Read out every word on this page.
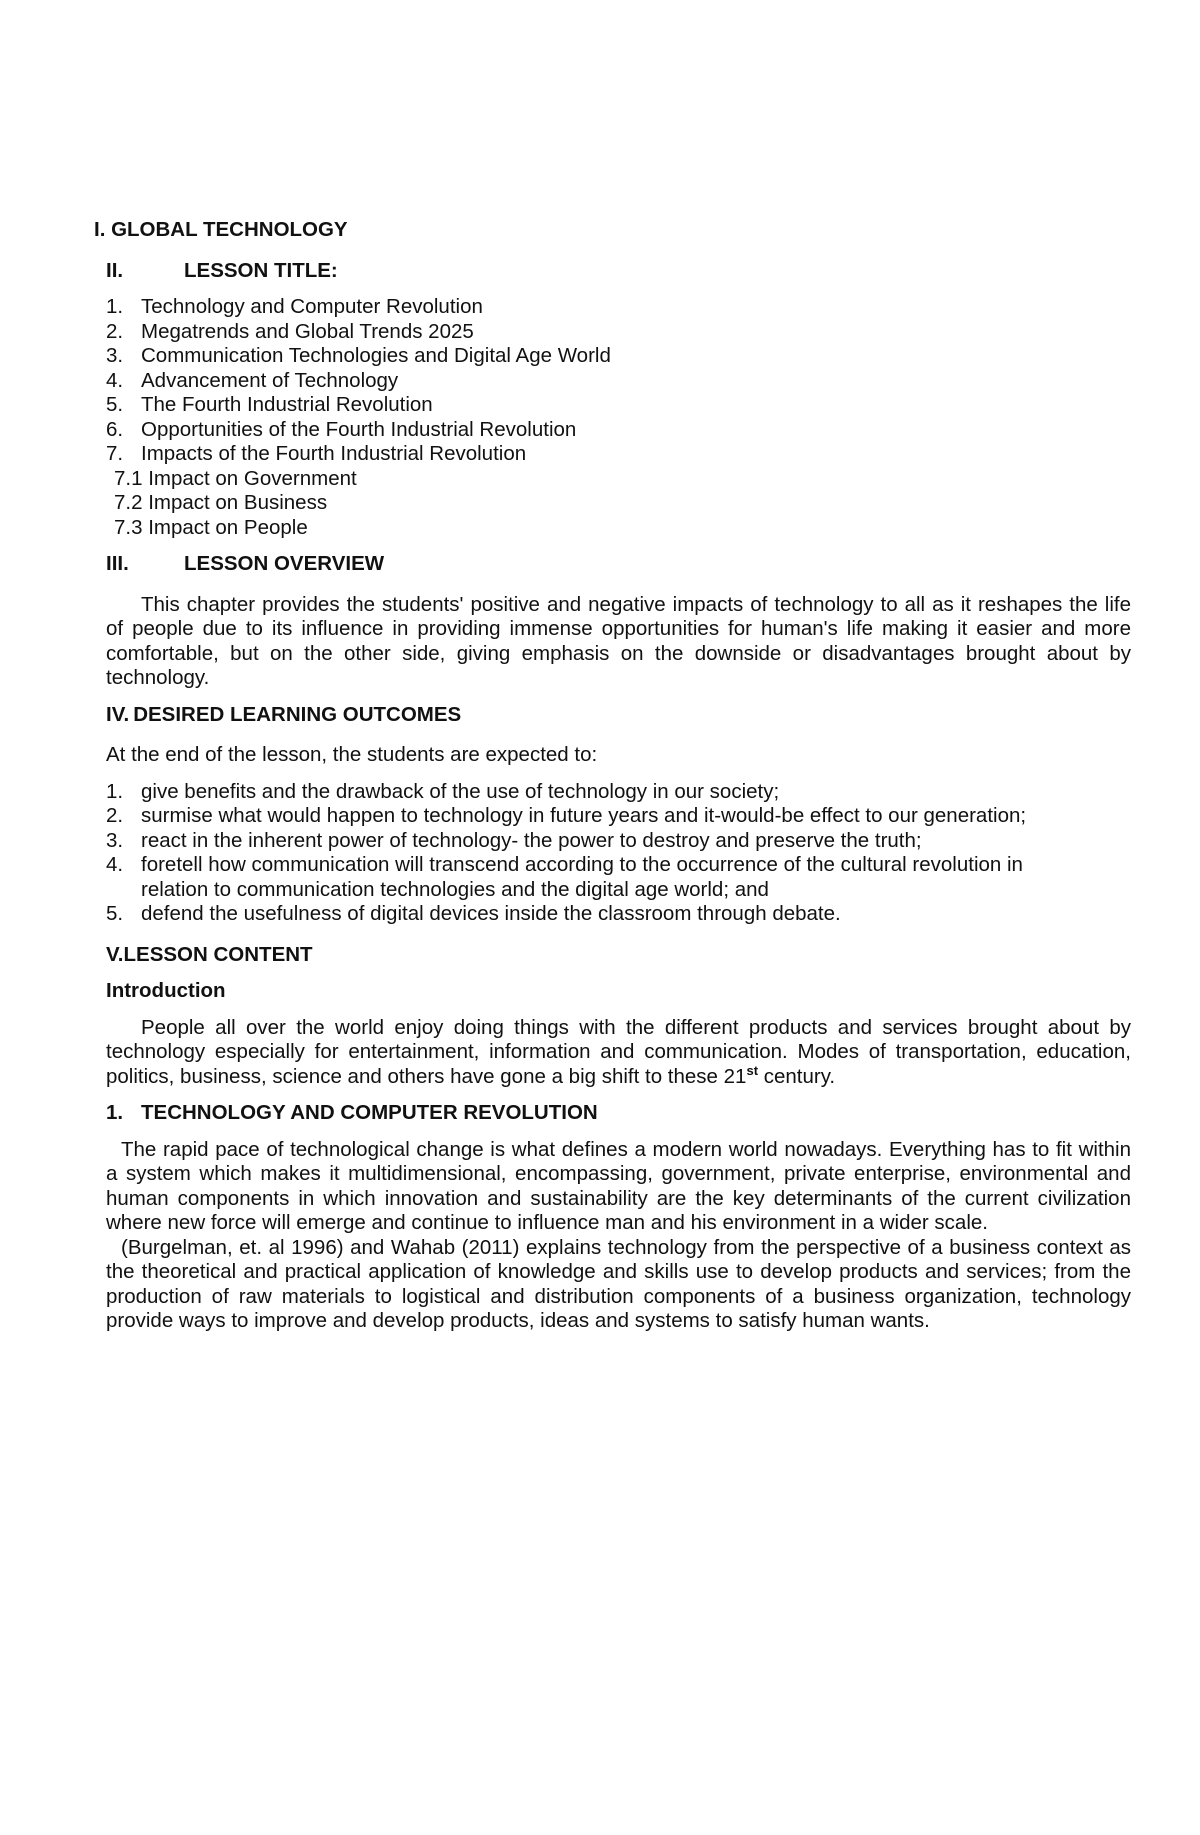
I. GLOBAL TECHNOLOGY

II.	LESSON TITLE:

1. Technology and Computer Revolution
2. Megatrends and Global Trends 2025
3. Communication Technologies and Digital Age World
4. Advancement of Technology
5. The Fourth Industrial Revolution
6. Opportunities of the Fourth Industrial Revolution
7. Impacts of the Fourth Industrial Revolution
7.1 Impact on Government
7.2 Impact on Business
7.3 Impact on People

III.	LESSON OVERVIEW

This chapter provides the students' positive and negative impacts of technology to all as it reshapes the life of people due to its influence in providing immense opportunities for human's life making it easier and more comfortable, but on the other side, giving emphasis on the downside or disadvantages brought about by technology.

IV. DESIRED LEARNING OUTCOMES

At the end of the lesson, the students are expected to:

1. give benefits and the drawback of the use of technology in our society;
2. surmise what would happen to technology in future years and it-would-be effect to our generation;
3. react in the inherent power of technology- the power to destroy and preserve the truth;
4. foretell how communication will transcend according to the occurrence of the cultural revolution in relation to communication technologies and the digital age world; and
5. defend the usefulness of digital devices inside the classroom through debate.

V.LESSON CONTENT

Introduction

People all over the world enjoy doing things with the different products and services brought about by technology especially for entertainment, information and communication. Modes of transportation, education, politics, business, science and others have gone a big shift to these 21st century.

1. TECHNOLOGY AND COMPUTER REVOLUTION

The rapid pace of technological change is what defines a modern world nowadays. Everything has to fit within a system which makes it multidimensional, encompassing, government, private enterprise, environmental and human components in which innovation and sustainability are the key determinants of the current civilization where new force will emerge and continue to influence man and his environment in a wider scale.

(Burgelman, et. al 1996) and Wahab (2011) explains technology from the perspective of a business context as the theoretical and practical application of knowledge and skills use to develop products and services; from the production of raw materials to logistical and distribution components of a business organization, technology provide ways to improve and develop products, ideas and systems to satisfy human wants.
